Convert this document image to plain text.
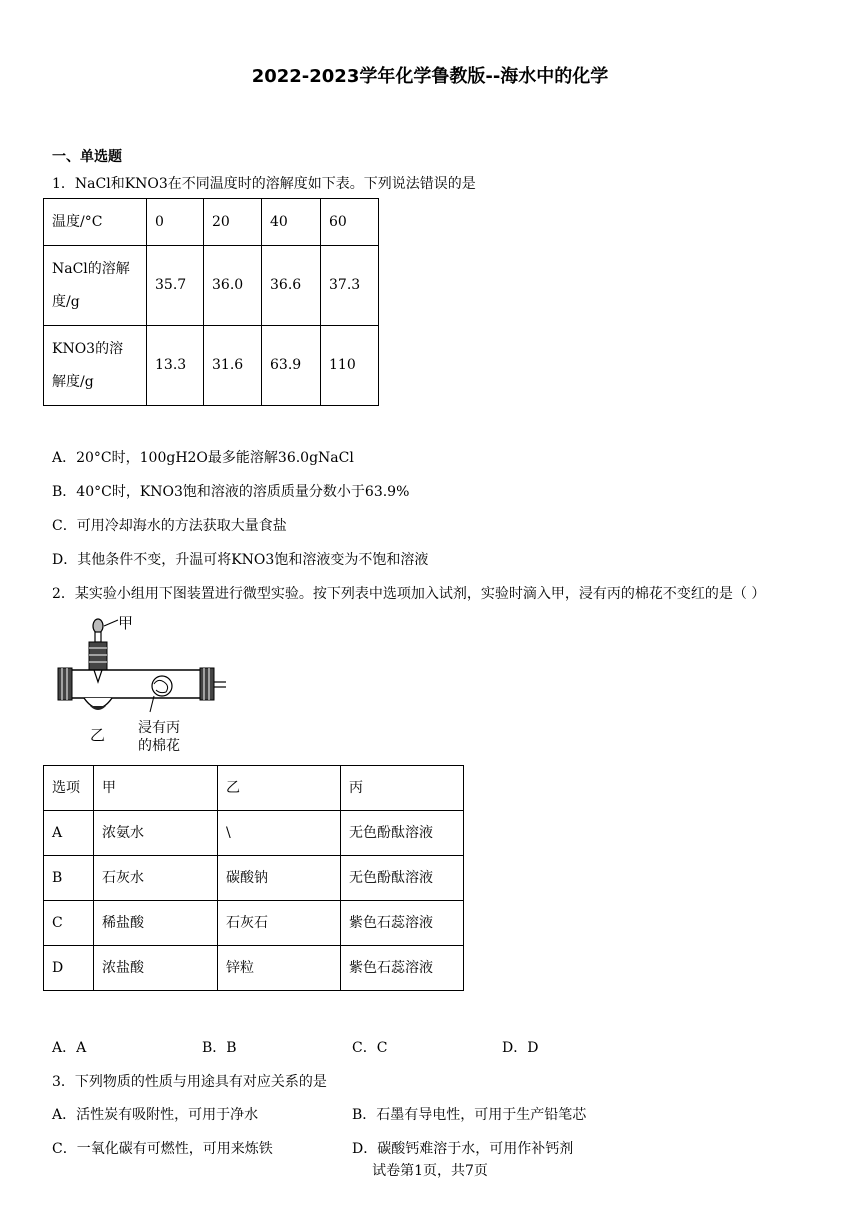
2022-2023学年化学鲁教版--海水中的化学
一、单选题
1．NaCl和KNO3在不同温度时的溶解度如下表。下列说法错误的是
温度/°C	0	20	40	60
NaCl的溶解
度/g	35.7	36.0	36.6	37.3
KNO3的溶
解度/g	13.3	31.6	63.9	110
A．20°C时，100gH2O最多能溶解36.0gNaCl
B．40°C时，KNO3饱和溶液的溶质质量分数小于63.9%
C．可用冷却海水的方法获取大量食盐
D．其他条件不变，升温可将KNO3饱和溶液变为不饱和溶液
2．某实验小组用下图装置进行微型实验。按下列表中选项加入试剂，实验时滴入甲，浸有丙的棉花不变红的是（ ）
甲
乙 浸有丙
的棉花
选项	甲	乙	丙
A	浓氨水	\	无色酚酞溶液
B	石灰水	碳酸钠	无色酚酞溶液
C	稀盐酸	石灰石	紫色石蕊溶液
D	浓盐酸	锌粒	紫色石蕊溶液
A．A	B．B	C．C	D．D
3．下列物质的性质与用途具有对应关系的是
A．活性炭有吸附性，可用于净水	B．石墨有导电性，可用于生产铅笔芯
C．一氧化碳有可燃性，可用来炼铁	D．碳酸钙难溶于水，可用作补钙剂
试卷第1页，共7页
